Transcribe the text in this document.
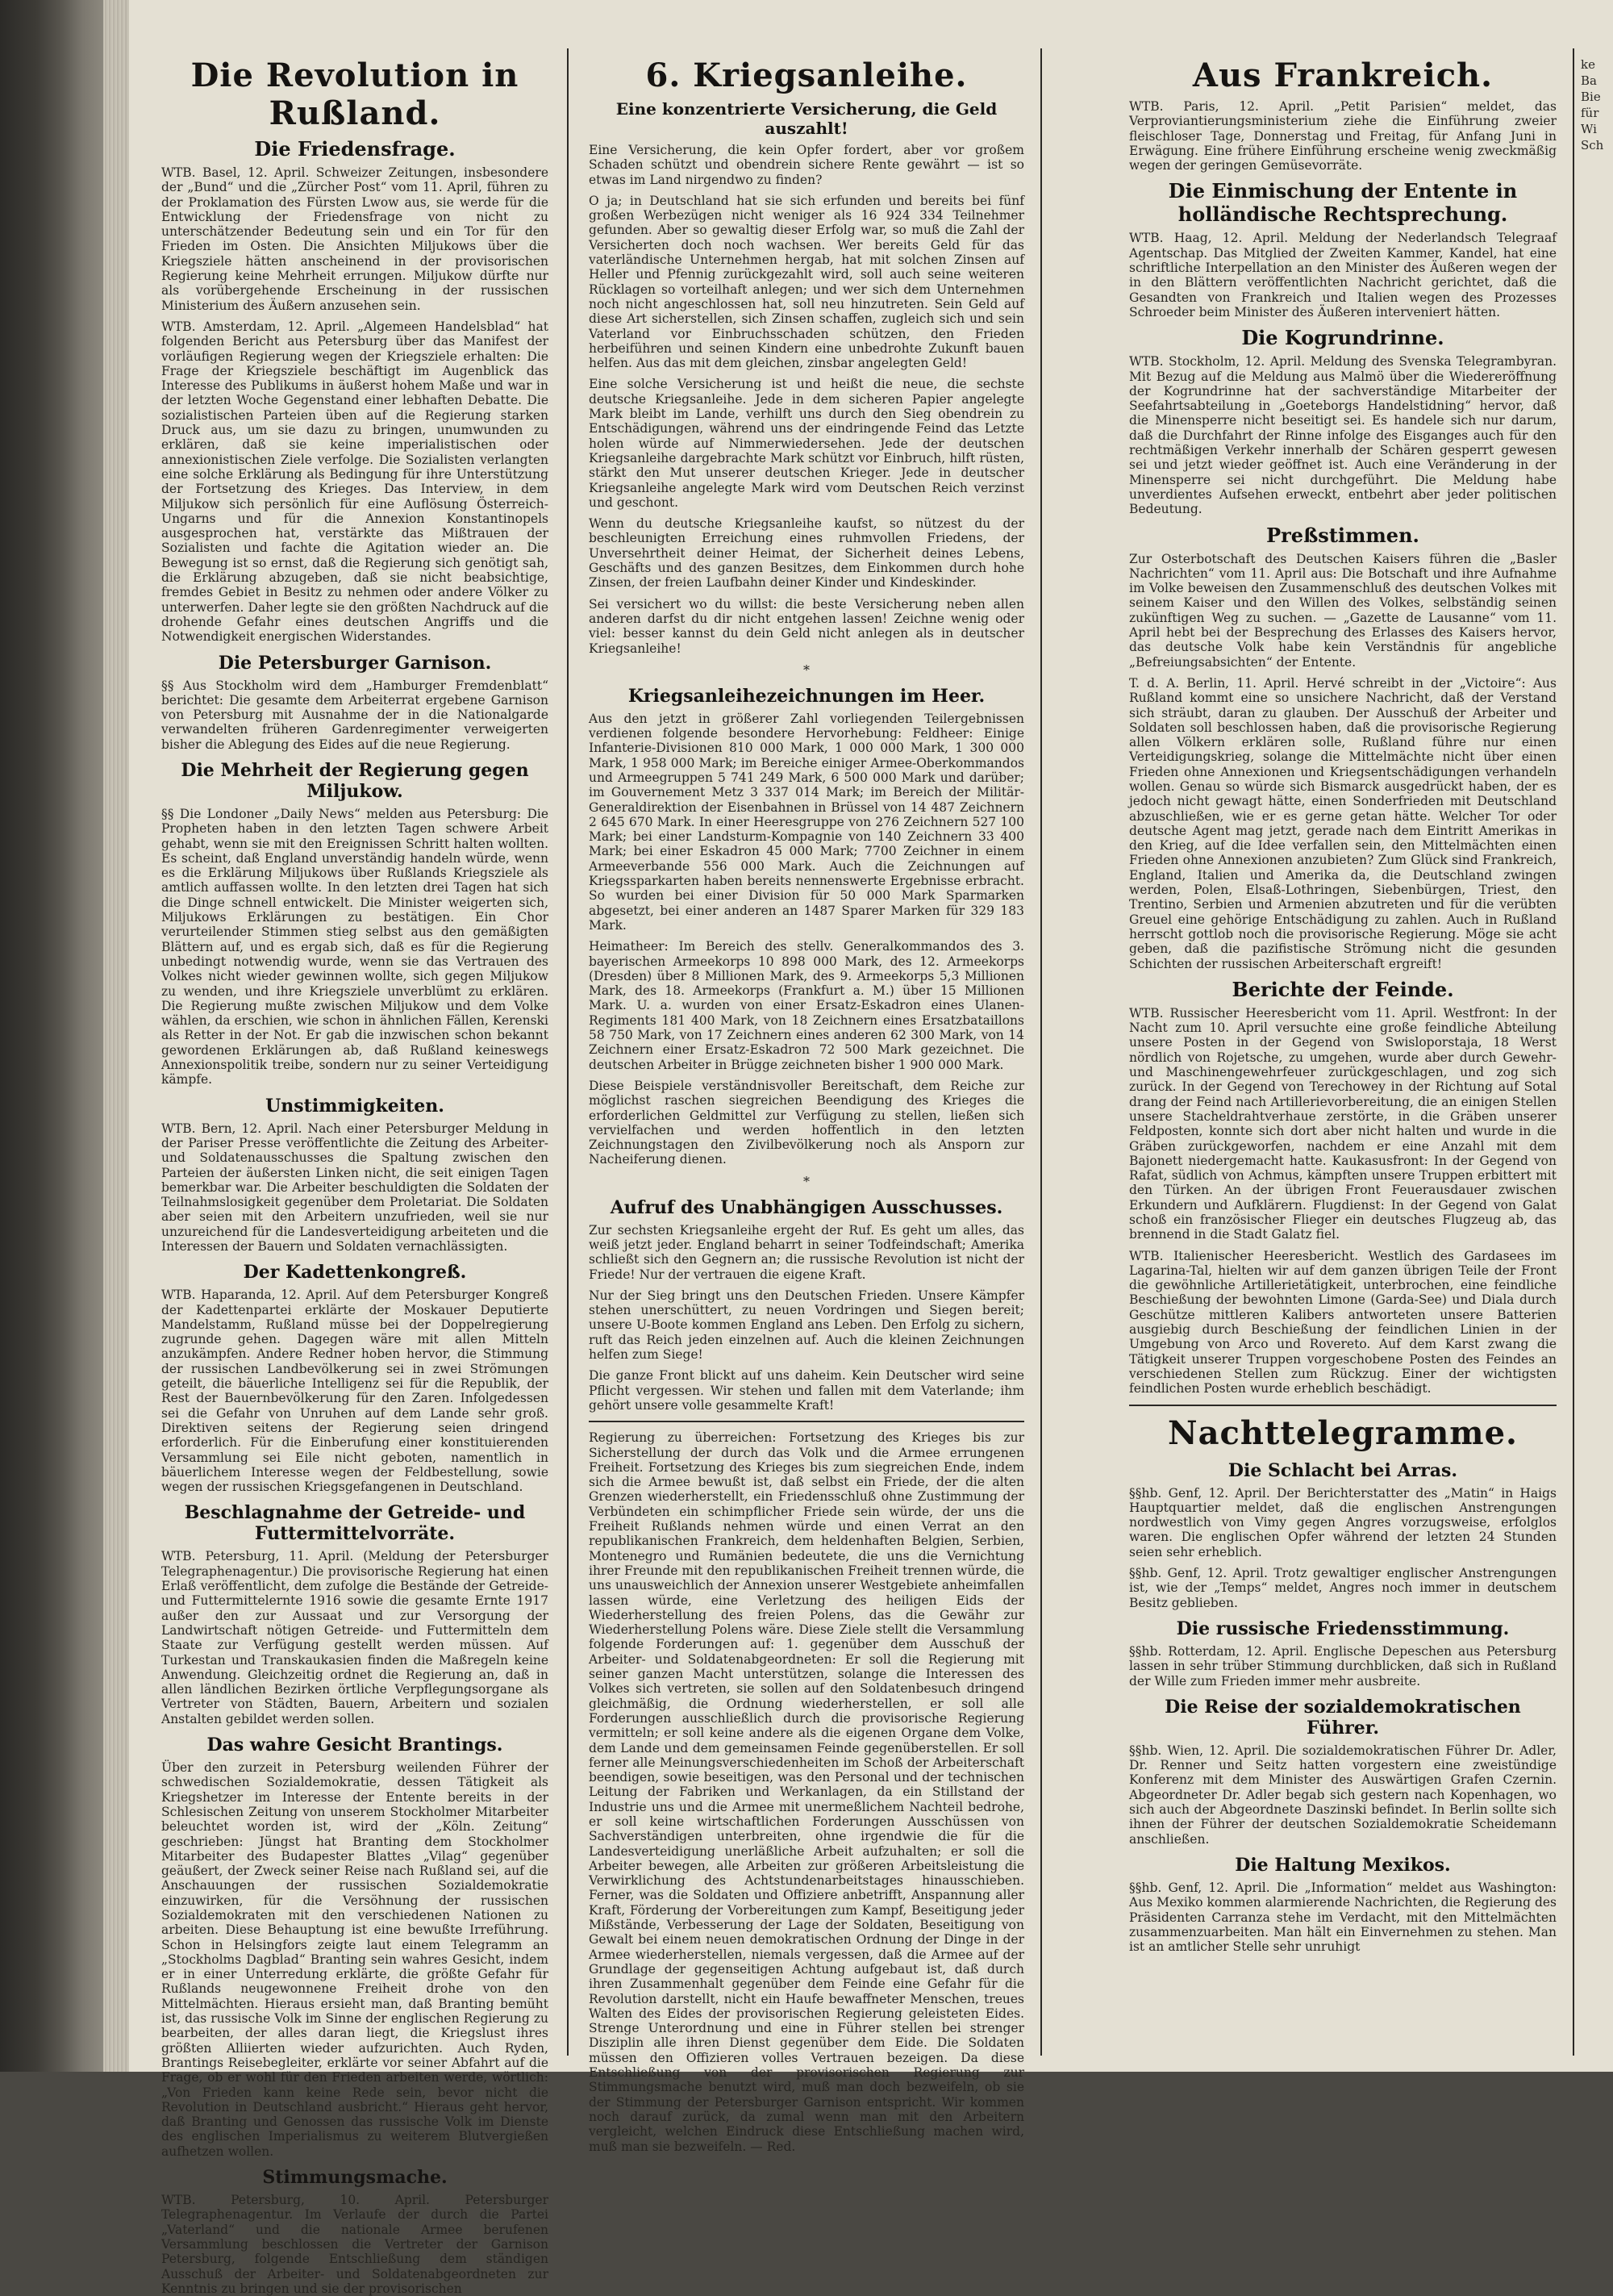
Die Revolution in Rußland.
Die Friedensfrage.

WTB. Basel, 12. April. Schweizer Zeitungen, insbesondere der „Bund“ und die „Zürcher Post“ vom 11. April, führen zu der Proklamation des Fürsten Lwow aus, sie werde für die Entwicklung der Friedensfrage von nicht zu unterschätzender Bedeutung sein und ein Tor für den Frieden im Osten. Die Ansichten Miljukows über die Kriegsziele hätten anscheinend in der provisorischen Regierung keine Mehrheit errungen. Miljukow dürfte nur als vorübergehende Erscheinung in der russischen Ministerium des Äußern anzusehen sein.

WTB. Amsterdam, 12. April. „Algemeen Handelsblad“ hat folgenden Bericht aus Petersburg über das Manifest der vorläufigen Regierung wegen der Kriegsziele erhalten: Die Frage der Kriegsziele beschäftigt im Augenblick das Interesse des Publikums in äußerst hohem Maße und war in der letzten Woche Gegenstand einer lebhaften Debatte. Die sozialistischen Parteien üben auf die Regierung starken Druck aus, um sie dazu zu bringen, unumwunden zu erklären, daß sie keine imperialistischen oder annexionistischen Ziele verfolge. Die Sozialisten verlangten eine solche Erklärung als Bedingung für ihre Unterstützung der Fortsetzung des Krieges. Das Interview, in dem Miljukow sich persönlich für eine Auflösung Österreich-Ungarns und für die Annexion Konstantinopels ausgesprochen hat, verstärkte das Mißtrauen der Sozialisten und fachte die Agitation wieder an. Die Bewegung ist so ernst, daß die Regierung sich genötigt sah, die Erklärung abzugeben, daß sie nicht beabsichtige, fremdes Gebiet in Besitz zu nehmen oder andere Völker zu unterwerfen. Daher legte sie den größten Nachdruck auf die drohende Gefahr eines deutschen Angriffs und die Notwendigkeit energischen Widerstandes.

Die Petersburger Garnison.

§§ Aus Stockholm wird dem „Hamburger Fremdenblatt“ berichtet: Die gesamte dem Arbeiterrat ergebene Garnison von Petersburg mit Ausnahme der in die Nationalgarde verwandelten früheren Gardenregimenter verweigerten bisher die Ablegung des Eides auf die neue Regierung.

Die Mehrheit der Regierung gegen Miljukow.

§§ Die Londoner „Daily News“ melden aus Petersburg: Die Propheten haben in den letzten Tagen schwere Arbeit gehabt, wenn sie mit den Ereignissen Schritt halten wollten. Es scheint, daß England unverständig handeln würde, wenn es die Erklärung Miljukows über Rußlands Kriegsziele als amtlich auffassen wollte. In den letzten drei Tagen hat sich die Dinge schnell entwickelt. Die Minister weigerten sich, Miljukows Erklärungen zu bestätigen. Ein Chor verurteilender Stimmen stieg selbst aus den gemäßigten Blättern auf, und es ergab sich, daß es für die Regierung unbedingt notwendig wurde, wenn sie das Vertrauen des Volkes nicht wieder gewinnen wollte, sich gegen Miljukow zu wenden, und ihre Kriegsziele unverblümt zu erklären. Die Regierung mußte zwischen Miljukow und dem Volke wählen, da erschien, wie schon in ähnlichen Fällen, Kerenski als Retter in der Not. Er gab die inzwischen schon bekannt gewordenen Erklärungen ab, daß Rußland keineswegs Annexionspolitik treibe, sondern nur zu seiner Verteidigung kämpfe.

Unstimmigkeiten.

WTB. Bern, 12. April. Nach einer Petersburger Meldung in der Pariser Presse veröffentlichte die Zeitung des Arbeiter- und Soldatenausschusses die Spaltung zwischen den Parteien der äußersten Linken nicht, die seit einigen Tagen bemerkbar war. Die Arbeiter beschuldigten die Soldaten der Teilnahmslosigkeit gegenüber dem Proletariat. Die Soldaten aber seien mit den Arbeitern unzufrieden, weil sie nur unzureichend für die Landesverteidigung arbeiteten und die Interessen der Bauern und Soldaten vernachlässigten.

Der Kadettenkongreß.

WTB. Haparanda, 12. April. Auf dem Petersburger Kongreß der Kadettenpartei erklärte der Moskauer Deputierte Mandelstamm, Rußland müsse bei der Doppelregierung zugrunde gehen. Dagegen wäre mit allen Mitteln anzukämpfen. Andere Redner hoben hervor, die Stimmung der russischen Landbevölkerung sei in zwei Strömungen geteilt, die bäuerliche Intelligenz sei für die Republik, der Rest der Bauernbevölkerung für den Zaren. Infolgedessen sei die Gefahr von Unruhen auf dem Lande sehr groß. Direktiven seitens der Regierung seien dringend erforderlich. Für die Einberufung einer konstituierenden Versammlung sei Eile nicht geboten, namentlich in bäuerlichem Interesse wegen der Feldbestellung, sowie wegen der russischen Kriegsgefangenen in Deutschland.

Beschlagnahme der Getreide- und Futtermittelvorräte.

WTB. Petersburg, 11. April. (Meldung der Petersburger Telegraphenagentur.) Die provisorische Regierung hat einen Erlaß veröffentlicht, dem zufolge die Bestände der Getreide- und Futtermittelernte 1916 sowie die gesamte Ernte 1917 außer den zur Aussaat und zur Versorgung der Landwirtschaft nötigen Getreide- und Futtermitteln dem Staate zur Verfügung gestellt werden müssen. Auf Turkestan und Transkaukasien finden die Maßregeln keine Anwendung. Gleichzeitig ordnet die Regierung an, daß in allen ländlichen Bezirken örtliche Verpflegungsorgane als Vertreter von Städten, Bauern, Arbeitern und sozialen Anstalten gebildet werden sollen.

Das wahre Gesicht Brantings.

Über den zurzeit in Petersburg weilenden Führer der schwedischen Sozialdemokratie, dessen Tätigkeit als Kriegshetzer im Interesse der Entente bereits in der Schlesischen Zeitung von unserem Stockholmer Mitarbeiter beleuchtet worden ist, wird der „Köln. Zeitung“ geschrieben: Jüngst hat Branting dem Stockholmer Mitarbeiter des Budapester Blattes „Vilag“ gegenüber geäußert, der Zweck seiner Reise nach Rußland sei, auf die Anschauungen der russischen Sozialdemokratie einzuwirken, für die Versöhnung der russischen Sozialdemokraten mit den verschiedenen Nationen zu arbeiten. Diese Behauptung ist eine bewußte Irreführung. Schon in Helsingfors zeigte laut einem Telegramm an „Stockholms Dagblad“ Branting sein wahres Gesicht, indem er in einer Unterredung erklärte, die größte Gefahr für Rußlands neugewonnene Freiheit drohe von den Mittelmächten. Hieraus ersieht man, daß Branting bemüht ist, das russische Volk im Sinne der englischen Regierung zu bearbeiten, der alles daran liegt, die Kriegslust ihres größten Alliierten wieder aufzurichten. Auch Ryden, Brantings Reisebegleiter, erklärte vor seiner Abfahrt auf die Frage, ob er wohl für den Frieden arbeiten werde, wörtlich: „Von Frieden kann keine Rede sein, bevor nicht die Revolution in Deutschland ausbricht.“ Hieraus geht hervor, daß Branting und Genossen das russische Volk im Dienste des englischen Imperialismus zu weiterem Blutvergießen aufhetzen wollen.

Stimmungsmache.

WTB. Petersburg, 10. April. Petersburger Telegraphenagentur. Im Verlaufe der durch die Partei „Vaterland“ und die nationale Armee berufenen Versammlung beschlossen die Vertreter der Garnison Petersburg, folgende Entschließung dem ständigen Ausschuß der Arbeiter- und Soldatenabgeordneten zur Kenntnis zu bringen und sie der provisorischen

6. Kriegsanleihe.
Eine konzentrierte Versicherung, die Geld auszahlt!

Eine Versicherung, die kein Opfer fordert, aber vor großem Schaden schützt und obendrein sichere Rente gewährt — ist so etwas im Land nirgendwo zu finden?

O ja; in Deutschland hat sie sich erfunden und bereits bei fünf großen Werbezügen nicht weniger als 16 924 334 Teilnehmer gefunden. Aber so gewaltig dieser Erfolg war, so muß die Zahl der Versicherten doch noch wachsen. Wer bereits Geld für das vaterländische Unternehmen hergab, hat mit solchen Zinsen auf Heller und Pfennig zurückgezahlt wird, soll auch seine weiteren Rücklagen so vorteilhaft anlegen; und wer sich dem Unternehmen noch nicht angeschlossen hat, soll neu hinzutreten. Sein Geld auf diese Art sicherstellen, sich Zinsen schaffen, zugleich sich und sein Vaterland vor Einbruchsschaden schützen, den Frieden herbeiführen und seinen Kindern eine unbedrohte Zukunft bauen helfen. Aus das mit dem gleichen, zinsbar angelegten Geld!

Eine solche Versicherung ist und heißt die neue, die sechste deutsche Kriegsanleihe. Jede in dem sicheren Papier angelegte Mark bleibt im Lande, verhilft uns durch den Sieg obendrein zu Entschädigungen, während uns der eindringende Feind das Letzte holen würde auf Nimmerwiedersehen. Jede der deutschen Kriegsanleihe dargebrachte Mark schützt vor Einbruch, hilft rüsten, stärkt den Mut unserer deutschen Krieger. Jede in deutscher Kriegsanleihe angelegte Mark wird vom Deutschen Reich verzinst und geschont.

Wenn du deutsche Kriegsanleihe kaufst, so nützest du der beschleunigten Erreichung eines ruhmvollen Friedens, der Unversehrtheit deiner Heimat, der Sicherheit deines Lebens, Geschäfts und des ganzen Besitzes, dem Einkommen durch hohe Zinsen, der freien Laufbahn deiner Kinder und Kindeskinder.

Sei versichert wo du willst: die beste Versicherung neben allen anderen darfst du dir nicht entgehen lassen! Zeichne wenig oder viel: besser kannst du dein Geld nicht anlegen als in deutscher Kriegsanleihe!

*
Kriegsanleihezeichnungen im Heer.

Aus den jetzt in größerer Zahl vorliegenden Teilergebnissen verdienen folgende besondere Hervorhebung: Feldheer: Einige Infanterie-Divisionen 810 000 Mark, 1 000 000 Mark, 1 300 000 Mark, 1 958 000 Mark; im Bereiche einiger Armee-Oberkommandos und Armeegruppen 5 741 249 Mark, 6 500 000 Mark und darüber; im Gouvernement Metz 3 337 014 Mark; im Bereich der Militär-Generaldirektion der Eisenbahnen in Brüssel von 14 487 Zeichnern 2 645 670 Mark. In einer Heeresgruppe von 276 Zeichnern 527 100 Mark; bei einer Landsturm-Kompagnie von 140 Zeichnern 33 400 Mark; bei einer Eskadron 45 000 Mark; 7700 Zeichner in einem Armeeverbande 556 000 Mark. Auch die Zeichnungen auf Kriegssparkarten haben bereits nennenswerte Ergebnisse erbracht. So wurden bei einer Division für 50 000 Mark Sparmarken abgesetzt, bei einer anderen an 1487 Sparer Marken für 329 183 Mark.

Heimatheer: Im Bereich des stellv. Generalkommandos des 3. bayerischen Armeekorps 10 898 000 Mark, des 12. Armeekorps (Dresden) über 8 Millionen Mark, des 9. Armeekorps 5,3 Millionen Mark, des 18. Armeekorps (Frankfurt a. M.) über 15 Millionen Mark. U. a. wurden von einer Ersatz-Eskadron eines Ulanen-Regiments 181 400 Mark, von 18 Zeichnern eines Ersatzbataillons 58 750 Mark, von 17 Zeichnern eines anderen 62 300 Mark, von 14 Zeichnern einer Ersatz-Eskadron 72 500 Mark gezeichnet. Die deutschen Arbeiter in Brügge zeichneten bisher 1 900 000 Mark.

Diese Beispiele verständnisvoller Bereitschaft, dem Reiche zur möglichst raschen siegreichen Beendigung des Krieges die erforderlichen Geldmittel zur Verfügung zu stellen, ließen sich vervielfachen und werden hoffentlich in den letzten Zeichnungstagen den Zivilbevölkerung noch als Ansporn zur Nacheiferung dienen.

*
Aufruf des Unabhängigen Ausschusses.

Zur sechsten Kriegsanleihe ergeht der Ruf. Es geht um alles, das weiß jetzt jeder. England beharrt in seiner Todfeindschaft; Amerika schließt sich den Gegnern an; die russische Revolution ist nicht der Friede! Nur der vertrauen die eigene Kraft.

Nur der Sieg bringt uns den Deutschen Frieden. Unsere Kämpfer stehen unerschüttert, zu neuen Vordringen und Siegen bereit; unsere U-Boote kommen England ans Leben. Den Erfolg zu sichern, ruft das Reich jeden einzelnen auf. Auch die kleinen Zeichnungen helfen zum Siege!

Die ganze Front blickt auf uns daheim. Kein Deutscher wird seine Pflicht vergessen. Wir stehen und fallen mit dem Vaterlande; ihm gehört unsere volle gesammelte Kraft!

Regierung zu überreichen: Fortsetzung des Krieges bis zur Sicherstellung der durch das Volk und die Armee errungenen Freiheit. Fortsetzung des Krieges bis zum siegreichen Ende, indem sich die Armee bewußt ist, daß selbst ein Friede, der die alten Grenzen wiederherstellt, ein Friedensschluß ohne Zustimmung der Verbündeten ein schimpflicher Friede sein würde, der uns die Freiheit Rußlands nehmen würde und einen Verrat an den republikanischen Frankreich, dem heldenhaften Belgien, Serbien, Montenegro und Rumänien bedeutete, die uns die Vernichtung ihrer Freunde mit den republikanischen Freiheit trennen würde, die uns unausweichlich der Annexion unserer Westgebiete anheimfallen lassen würde, eine Verletzung des heiligen Eids der Wiederherstellung des freien Polens, das die Gewähr zur Wiederherstellung Polens wäre. Diese Ziele stellt die Versammlung folgende Forderungen auf: 1. gegenüber dem Ausschuß der Arbeiter- und Soldatenabgeordneten: Er soll die Regierung mit seiner ganzen Macht unterstützen, solange die Interessen des Volkes sich vertreten, sie sollen auf den Soldatenbesuch dringend gleichmäßig, die Ordnung wiederherstellen, er soll alle Forderungen ausschließlich durch die provisorische Regierung vermitteln; er soll keine andere als die eigenen Organe dem Volke, dem Lande und dem gemeinsamen Feinde gegenüberstellen. Er soll ferner alle Meinungsverschiedenheiten im Schoß der Arbeiterschaft beendigen, sowie beseitigen, was den Personal und der technischen Leitung der Fabriken und Werkanlagen, da ein Stillstand der Industrie uns und die Armee mit unermeßlichem Nachteil bedrohe, er soll keine wirtschaftlichen Forderungen Ausschüssen von Sachverständigen unterbreiten, ohne irgendwie die für die Landesverteidigung unerläßliche Arbeit aufzuhalten; er soll die Arbeiter bewegen, alle Arbeiten zur größeren Arbeitsleistung die Verwirklichung des Achtstundenarbeitstages hinausschieben. Ferner, was die Soldaten und Offiziere anbetrifft, Anspannung aller Kraft, Förderung der Vorbereitungen zum Kampf, Beseitigung jeder Mißstände, Verbesserung der Lage der Soldaten, Beseitigung von Gewalt bei einem neuen demokratischen Ordnung der Dinge in der Armee wiederherstellen, niemals vergessen, daß die Armee auf der Grundlage der gegenseitigen Achtung aufgebaut ist, daß durch ihren Zusammenhalt gegenüber dem Feinde eine Gefahr für die Revolution darstellt, nicht ein Haufe bewaffneter Menschen, treues Walten des Eides der provisorischen Regierung geleisteten Eides. Strenge Unterordnung und eine in Führer stellen bei strenger Disziplin alle ihren Dienst gegenüber dem Eide. Die Soldaten müssen den Offizieren volles Vertrauen bezeigen. Da diese Entschließung von der provisorischen Regierung zur Stimmungsmache benutzt wird, muß man doch bezweifeln, ob sie der Stimmung der Petersburger Garnison entspricht. Wir kommen noch darauf zurück, da zumal wenn man mit den Arbeitern vergleicht, welchen Eindruck diese Entschließung machen wird, muß man sie bezweifeln. — Red.

Aus Frankreich.

WTB. Paris, 12. April. „Petit Parisien“ meldet, das Verproviantierungsministerium ziehe die Einführung zweier fleischloser Tage, Donnerstag und Freitag, für Anfang Juni in Erwägung. Eine frühere Einführung erscheine wenig zweckmäßig wegen der geringen Gemüsevorräte.

Die Einmischung der Entente in holländische Rechtsprechung.

WTB. Haag, 12. April. Meldung der Nederlandsch Telegraaf Agentschap. Das Mitglied der Zweiten Kammer, Kandel, hat eine schriftliche Interpellation an den Minister des Äußeren wegen der in den Blättern veröffentlichten Nachricht gerichtet, daß die Gesandten von Frankreich und Italien wegen des Prozesses Schroeder beim Minister des Äußeren interveniert hätten.

Die Kogrundrinne.

WTB. Stockholm, 12. April. Meldung des Svenska Telegrambyran. Mit Bezug auf die Meldung aus Malmö über die Wiedereröffnung der Kogrundrinne hat der sachverständige Mitarbeiter der Seefahrtsabteilung in „Goeteborgs Handelstidning“ hervor, daß die Minensperre nicht beseitigt sei. Es handele sich nur darum, daß die Durchfahrt der Rinne infolge des Eisganges auch für den rechtmäßigen Verkehr innerhalb der Schären gesperrt gewesen sei und jetzt wieder geöffnet ist. Auch eine Veränderung in der Minensperre sei nicht durchgeführt. Die Meldung habe unverdientes Aufsehen erweckt, entbehrt aber jeder politischen Bedeutung.

Preßstimmen.

Zur Osterbotschaft des Deutschen Kaisers führen die „Basler Nachrichten“ vom 11. April aus: Die Botschaft und ihre Aufnahme im Volke beweisen den Zusammenschluß des deutschen Volkes mit seinem Kaiser und den Willen des Volkes, selbständig seinen zukünftigen Weg zu suchen. — „Gazette de Lausanne“ vom 11. April hebt bei der Besprechung des Erlasses des Kaisers hervor, das deutsche Volk habe kein Verständnis für angebliche „Befreiungsabsichten“ der Entente.

T. d. A. Berlin, 11. April. Hervé schreibt in der „Victoire“: Aus Rußland kommt eine so unsichere Nachricht, daß der Verstand sich sträubt, daran zu glauben. Der Ausschuß der Arbeiter und Soldaten soll beschlossen haben, daß die provisorische Regierung allen Völkern erklären solle, Rußland führe nur einen Verteidigungskrieg, solange die Mittelmächte nicht über einen Frieden ohne Annexionen und Kriegsentschädigungen verhandeln wollen. Genau so würde sich Bismarck ausgedrückt haben, der es jedoch nicht gewagt hätte, einen Sonderfrieden mit Deutschland abzuschließen, wie er es gerne getan hätte. Welcher Tor oder deutsche Agent mag jetzt, gerade nach dem Eintritt Amerikas in den Krieg, auf die Idee verfallen sein, den Mittelmächten einen Frieden ohne Annexionen anzubieten? Zum Glück sind Frankreich, England, Italien und Amerika da, die Deutschland zwingen werden, Polen, Elsaß-Lothringen, Siebenbürgen, Triest, den Trentino, Serbien und Armenien abzutreten und für die verübten Greuel eine gehörige Entschädigung zu zahlen. Auch in Rußland herrscht gottlob noch die provisorische Regierung. Möge sie acht geben, daß die pazifistische Strömung nicht die gesunden Schichten der russischen Arbeiterschaft ergreift!

Berichte der Feinde.

WTB. Russischer Heeresbericht vom 11. April. Westfront: In der Nacht zum 10. April versuchte eine große feindliche Abteilung unsere Posten in der Gegend von Swisloporstaja, 18 Werst nördlich von Rojetsche, zu umgehen, wurde aber durch Gewehr- und Maschinengewehrfeuer zurückgeschlagen, und zog sich zurück. In der Gegend von Terechowey in der Richtung auf Sotal drang der Feind nach Artillerievorbereitung, die an einigen Stellen unsere Stacheldrahtverhaue zerstörte, in die Gräben unserer Feldposten, konnte sich dort aber nicht halten und wurde in die Gräben zurückgeworfen, nachdem er eine Anzahl mit dem Bajonett niedergemacht hatte. Kaukasusfront: In der Gegend von Rafat, südlich von Achmus, kämpften unsere Truppen erbittert mit den Türken. An der übrigen Front Feuerausdauer zwischen Erkundern und Aufklärern. Flugdienst: In der Gegend von Galat schoß ein französischer Flieger ein deutsches Flugzeug ab, das brennend in die Stadt Galatz fiel.

WTB. Italienischer Heeresbericht. Westlich des Gardasees im Lagarina-Tal, hielten wir auf dem ganzen übrigen Teile der Front die gewöhnliche Artillerietätigkeit, unterbrochen, eine feindliche Beschießung der bewohnten Limone (Garda-See) und Diala durch Geschütze mittleren Kalibers antworteten unsere Batterien ausgiebig durch Beschießung der feindlichen Linien in der Umgebung von Arco und Rovereto. Auf dem Karst zwang die Tätigkeit unserer Truppen vorgeschobene Posten des Feindes an verschiedenen Stellen zum Rückzug. Einer der wichtigsten feindlichen Posten wurde erheblich beschädigt.

Nachttelegramme.
Die Schlacht bei Arras.

§§hb. Genf, 12. April. Der Berichterstatter des „Matin“ in Haigs Hauptquartier meldet, daß die englischen Anstrengungen nordwestlich von Vimy gegen Angres vorzugsweise, erfolglos waren. Die englischen Opfer während der letzten 24 Stunden seien sehr erheblich.

§§hb. Genf, 12. April. Trotz gewaltiger englischer Anstrengungen ist, wie der „Temps“ meldet, Angres noch immer in deutschem Besitz geblieben.

Die russische Friedensstimmung.

§§hb. Rotterdam, 12. April. Englische Depeschen aus Petersburg lassen in sehr trüber Stimmung durchblicken, daß sich in Rußland der Wille zum Frieden immer mehr ausbreite.

Die Reise der sozialdemokratischen Führer.

§§hb. Wien, 12. April. Die sozialdemokratischen Führer Dr. Adler, Dr. Renner und Seitz hatten vorgestern eine zweistündige Konferenz mit dem Minister des Auswärtigen Grafen Czernin. Abgeordneter Dr. Adler begab sich gestern nach Kopenhagen, wo sich auch der Abgeordnete Daszinski befindet. In Berlin sollte sich ihnen der Führer der deutschen Sozialdemokratie Scheidemann anschließen.

Die Haltung Mexikos.

§§hb. Genf, 12. April. Die „Information“ meldet aus Washington: Aus Mexiko kommen alarmierende Nachrichten, die Regierung des Präsidenten Carranza stehe im Verdacht, mit den Mittelmächten zusammenzuarbeiten. Man hält ein Einvernehmen zu stehen. Man ist an amtlicher Stelle sehr unruhigt

ke Ba Bie für Wi Sch
